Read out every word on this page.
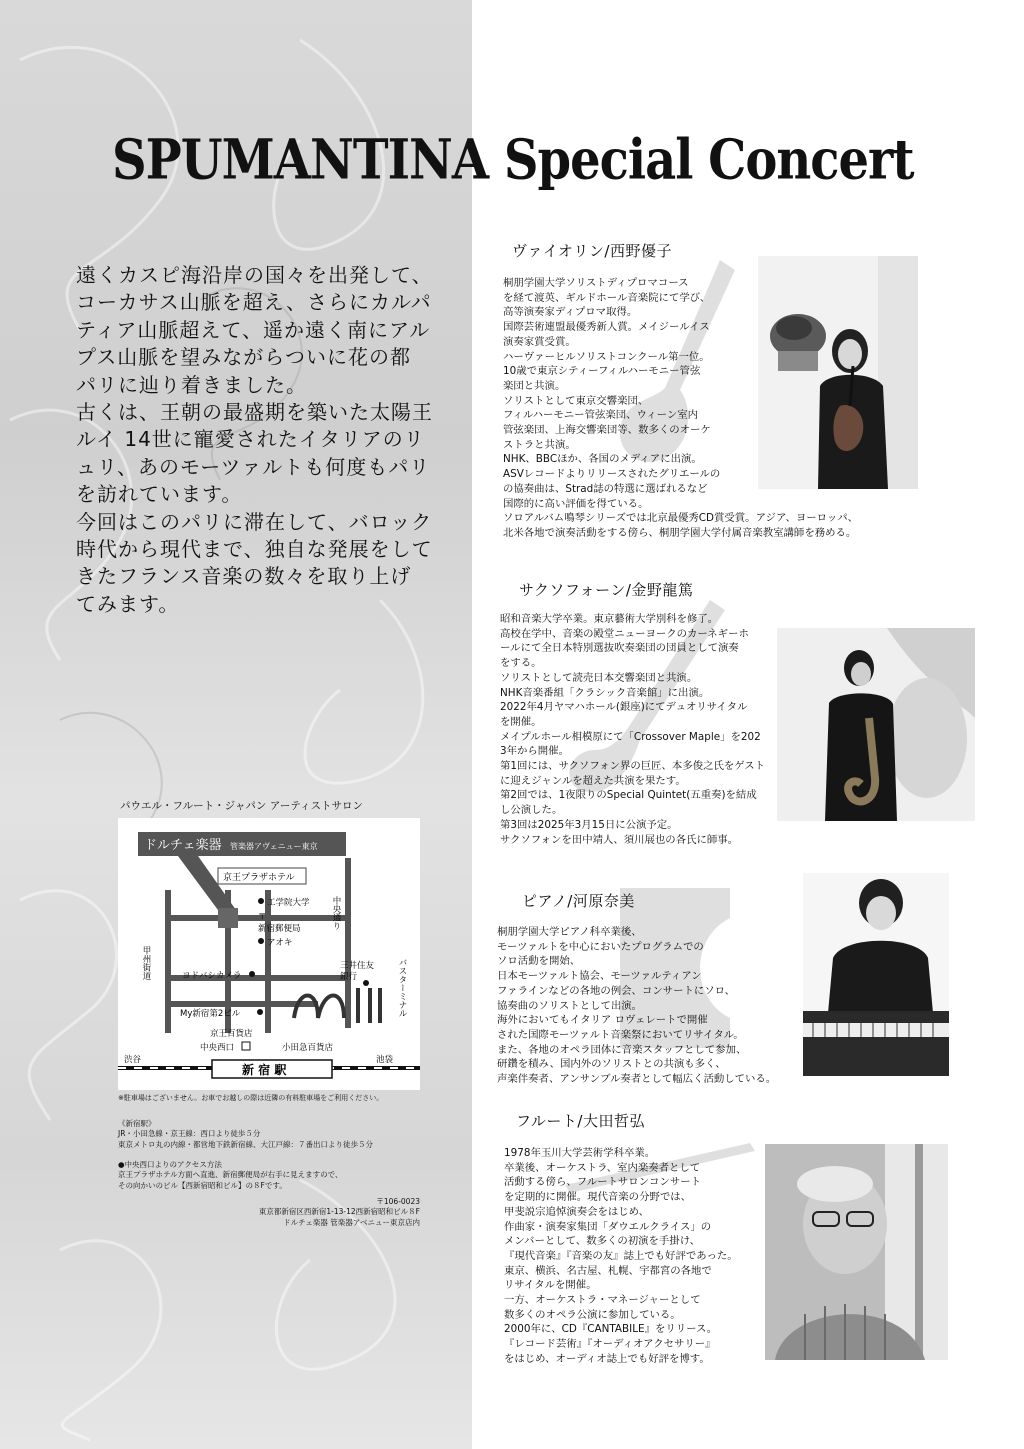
SPUMANTINA Special Concert

遠くカスピ海沿岸の国々を出発して、
コーカサス山脈を超え、さらにカルパ
ティア山脈超えて、遥か遠く南にアル
プス山脈を望みながらついに花の都
パリに辿り着きました。
古くは、王朝の最盛期を築いた太陽王
ルイ 14世に寵愛されたイタリアのリ
ュリ、あのモーツァルトも何度もパリ
を訪れています。
今回はこのパリに滞在して、バロック
時代から現代まで、独自な発展をして
きたフランス音楽の数々を取り上げ
てみます。

ヴァイオリン/西野優子

桐朋学園大学ソリストディプロマコース
を経て渡英、ギルドホール音楽院にて学び、
高等演奏家ディプロマ取得。
国際芸術連盟最優秀新人賞。メイジールイス
演奏家賞受賞。
ハーヴァーヒルソリストコンクール第一位。
10歳で東京シティーフィルハーモニー管弦
楽団と共演。
ソリストとして東京交響楽団、
フィルハーモニー管弦楽団、ウィーン室内
管弦楽団、上海交響楽団等、数多くのオーケ
ストラと共演。
NHK、BBCほか、各国のメディアに出演。
ASVレコードよりリリースされたグリエールの
の協奏曲は、Strad誌の特選に選ばれるなど
国際的に高い評価を得ている。
ソロアルバム鳴琴シリーズでは北京最優秀CD賞受賞。アジア、ヨーロッパ、
北米各地で演奏活動をする傍ら、桐朋学園大学付属音楽教室講師を務める。

サクソフォーン/金野龍篤

昭和音楽大学卒業。東京藝術大学別科を修了。
高校在学中、音楽の殿堂ニューヨークのカーネギーホ
ールにて全日本特別選抜吹奏楽団の団員として演奏
をする。
ソリストとして読売日本交響楽団と共演。
NHK音楽番組「クラシック音楽館」に出演。
2022年4月ヤマハホール(銀座)にてデュオリサイタル
を開催。
メイプルホール相模原にて「Crossover Maple」を202
3年から開催。
第1回には、サクソフォン界の巨匠、本多俊之氏をゲスト
に迎えジャンルを超えた共演を果たす。
第2回では、1夜限りのSpecial Quintet(五重奏)を結成
し公演した。
第3回は2025年3月15日に公演予定。
サクソフォンを田中靖人、須川展也の各氏に師事。

ピアノ/河原奈美

桐朋学園大学ピアノ科卒業後、
モーツァルトを中心においたプログラムでの
ソロ活動を開始、
日本モーツァルト協会、モーツァルティアン
ファラインなどの各地の例会、コンサートにソロ、
協奏曲のソリストとして出演。
海外においてもイタリア ロヴェレートで開催
された国際モーツァルト音楽祭においてリサイタル。
また、各地のオペラ団体に音楽スタッフとして参加、
研鑽を積み、国内外のソリストとの共演も多く、
声楽伴奏者、アンサンブル奏者として幅広く活動している。

フルート/大田哲弘

1978年玉川大学芸術学科卒業。
卒業後、オーケストラ、室内楽奏者として
活動する傍ら、フルートサロンコンサート
を定期的に開催。現代音楽の分野では、
甲斐説宗追悼演奏会をはじめ、
作曲家・演奏家集団「ダウエルクライス」の
メンバーとして、数多くの初演を手掛け、
『現代音楽』『音楽の友』誌上でも好評であった。
東京、横浜、名古屋、札幌、宇都宮の各地で
リサイタルを開催。
一方、オーケストラ・マネージャーとして
数多くのオペラ公演に参加している。
2000年に、CD『CANTABILE』をリリース。
『レコード芸術』『オーディオアクセサリー』
をはじめ、オーディオ誌上でも好評を博す。

パウエル・フルート・ジャパン アーティストサロン

ドルチェ楽器 管楽器アヴェニュー東京
京王プラザホテル
工学院大学
〒
新宿郵便局
アオキ
中央通り
甲州街道	ヨドバシカメラ
三井住友銀行	バスターミナル
My新宿第2ビル
京王百貨店
中央西口	小田急百貨店
渋谷	池袋
新 宿 駅

※駐車場はございません。お車でお越しの際は近隣の有料駐車場をご利用ください。

《新宿駅》
JR・小田急線・京王線：西口より徒歩５分
東京メトロ丸の内線・都営地下鉄新宿線、大江戸線：７番出口より徒歩５分

●中央西口よりのアクセス方法
京王プラザホテル方面へ直進、新宿郵便局が右手に見えますので、
その向かいのビル【西新宿昭和ビル】の８Fです。

〒106-0023
東京都新宿区西新宿1-13-12西新宿昭和ビル８F
ドルチェ楽器 管楽器アベニュー東京店内
